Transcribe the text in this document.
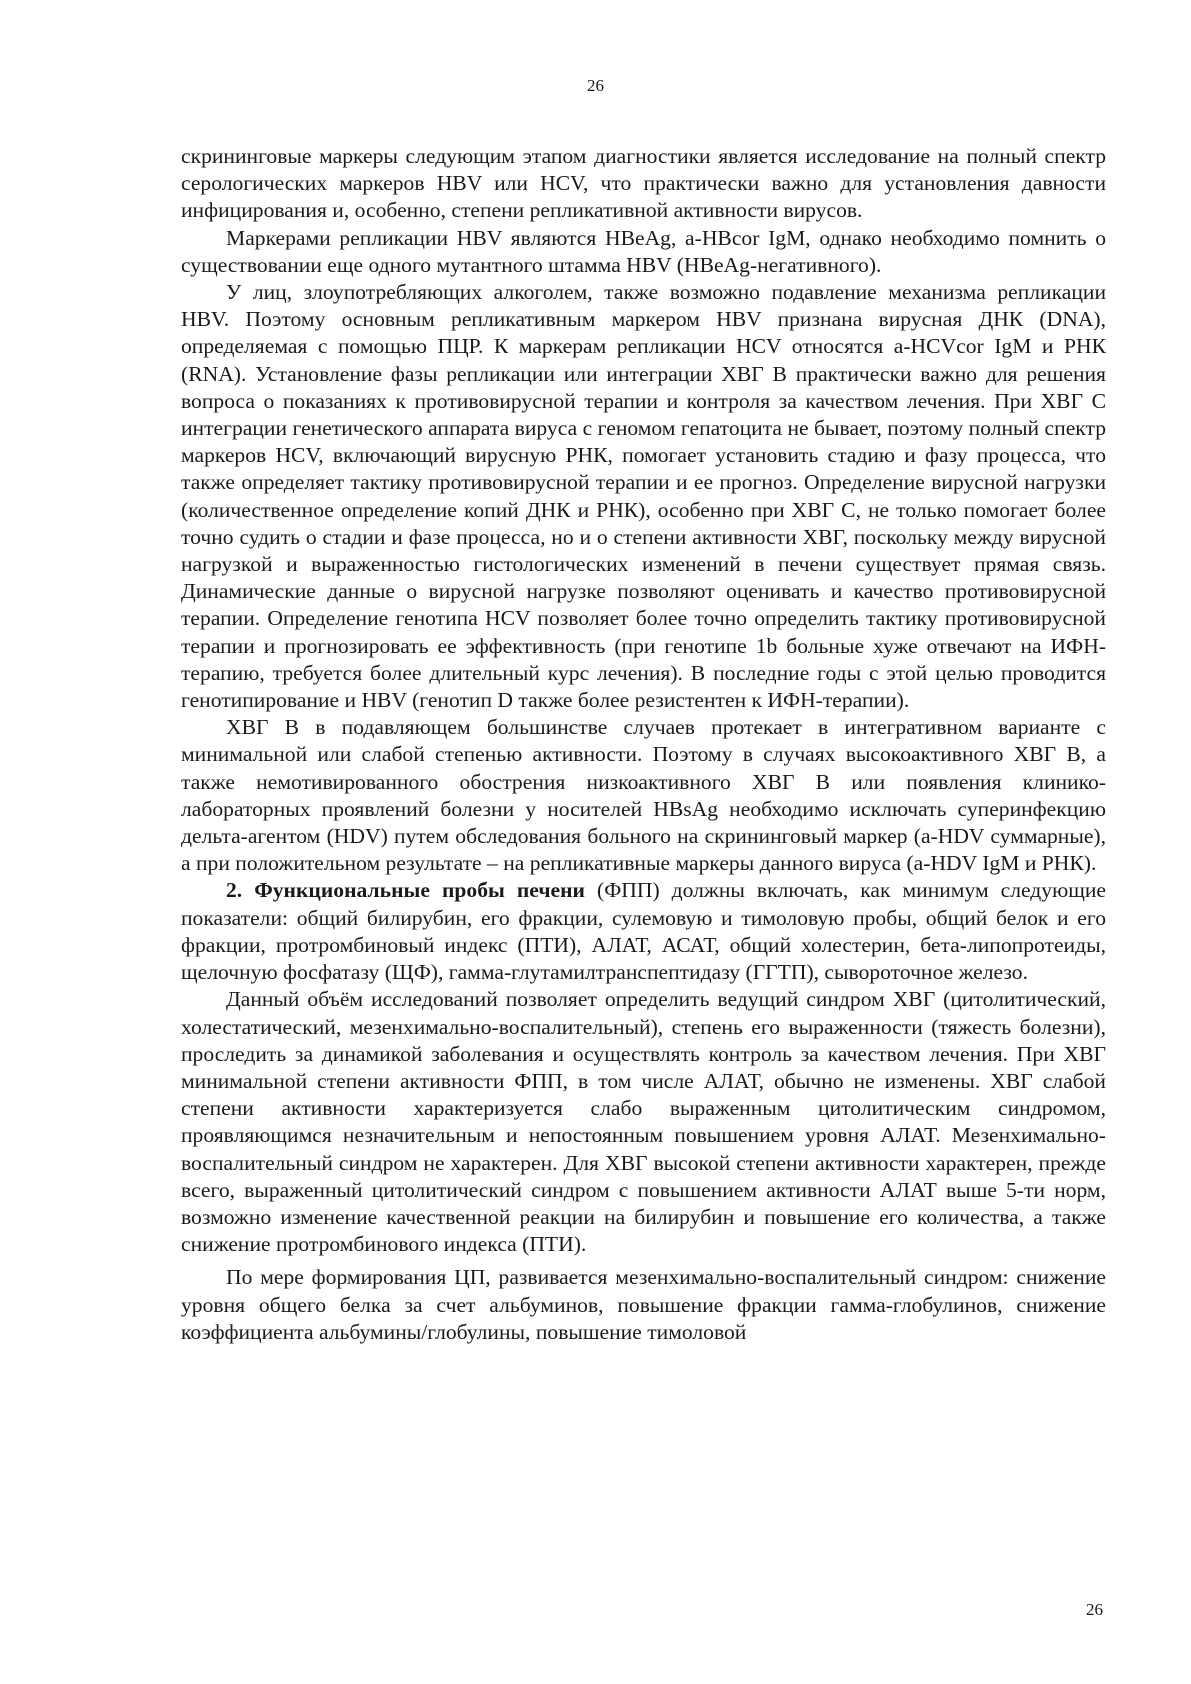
26

скрининговые маркеры следующим этапом диагностики является исследование на полный спектр серологических маркеров HBV или HCV, что практически важно для установления давности инфицирования и, особенно, степени репликативной активности вирусов.

Маркерами репликации HBV являются HBeAg, a-HBcor IgM, однако необходимо помнить о существовании еще одного мутантного штамма HBV (HBeAg-негативного).

У лиц, злоупотребляющих алкоголем, также возможно подавление механизма репликации HBV. Поэтому основным репликативным маркером HBV признана вирусная ДНК (DNA), определяемая с помощью ПЦР. К маркерам репликации HCV относятся a-HCVcor IgM и РНК (RNA). Установление фазы репликации или интеграции ХВГ В практически важно для решения вопроса о показаниях к противовирусной терапии и контроля за качеством лечения. При ХВГ С интеграции генетического аппарата вируса с геномом гепатоцита не бывает, поэтому полный спектр маркеров HCV, включающий вирусную РНК, помогает установить стадию и фазу процесса, что также определяет тактику противовирусной терапии и ее прогноз. Определение вирусной нагрузки (количественное определение копий ДНК и РНК), особенно при ХВГ С, не только помогает более точно судить о стадии и фазе процесса, но и о степени активности ХВГ, поскольку между вирусной нагрузкой и выраженностью гистологических изменений в печени существует прямая связь. Динамические данные о вирусной нагрузке позволяют оценивать и качество противовирусной терапии. Определение генотипа HCV позволяет более точно определить тактику противовирусной терапии и прогнозировать ее эффективность (при генотипе 1b больные хуже отвечают на ИФН-терапию, требуется более длительный курс лечения). В последние годы с этой целью проводится генотипирование и HBV (генотип D также более резистентен к ИФН-терапии).

ХВГ В в подавляющем большинстве случаев протекает в интегративном варианте с минимальной или слабой степенью активности. Поэтому в случаях высокоактивного ХВГ В, а также немотивированного обострения низкоактивного ХВГ В или появления клинико-лабораторных проявлений болезни у носителей HBsAg необходимо исключать суперинфекцию дельта-агентом (HDV) путем обследования больного на скрининговый маркер (a-HDV суммарные), а при положительном результате – на репликативные маркеры данного вируса (a-HDV IgM и РНК).

2. Функциональные пробы печени (ФПП) должны включать, как минимум следующие показатели: общий билирубин, его фракции, сулемовую и тимоловую пробы, общий белок и его фракции, протромбиновый индекс (ПТИ), АЛАТ, АСАТ, общий холестерин, бета-липопротеиды, щелочную фосфатазу (ЩФ), гамма-глутамилтранспептидазу (ГГТП), сывороточное железо.

Данный объём исследований позволяет определить ведущий синдром ХВГ (цитолитический, холестатический, мезенхимально-воспалительный), степень его выраженности (тяжесть болезни), проследить за динамикой заболевания и осуществлять контроль за качеством лечения. При ХВГ минимальной степени активности ФПП, в том числе АЛАТ, обычно не изменены. ХВГ слабой степени активности характеризуется слабо выраженным цитолитическим синдромом, проявляющимся незначительным и непостоянным повышением уровня АЛАТ. Мезенхимально-воспалительный синдром не характерен. Для ХВГ высокой степени активности характерен, прежде всего, выраженный цитолитический синдром с повышением активности АЛАТ выше 5-ти норм, возможно изменение качественной реакции на билирубин и повышение его количества, а также снижение протромбинового индекса (ПТИ).

По мере формирования ЦП, развивается мезенхимально-воспалительный синдром: снижение уровня общего белка за счет альбуминов, повышение фракции гамма-глобулинов, снижение коэффициента альбумины/глобулины, повышение тимоловой

26
